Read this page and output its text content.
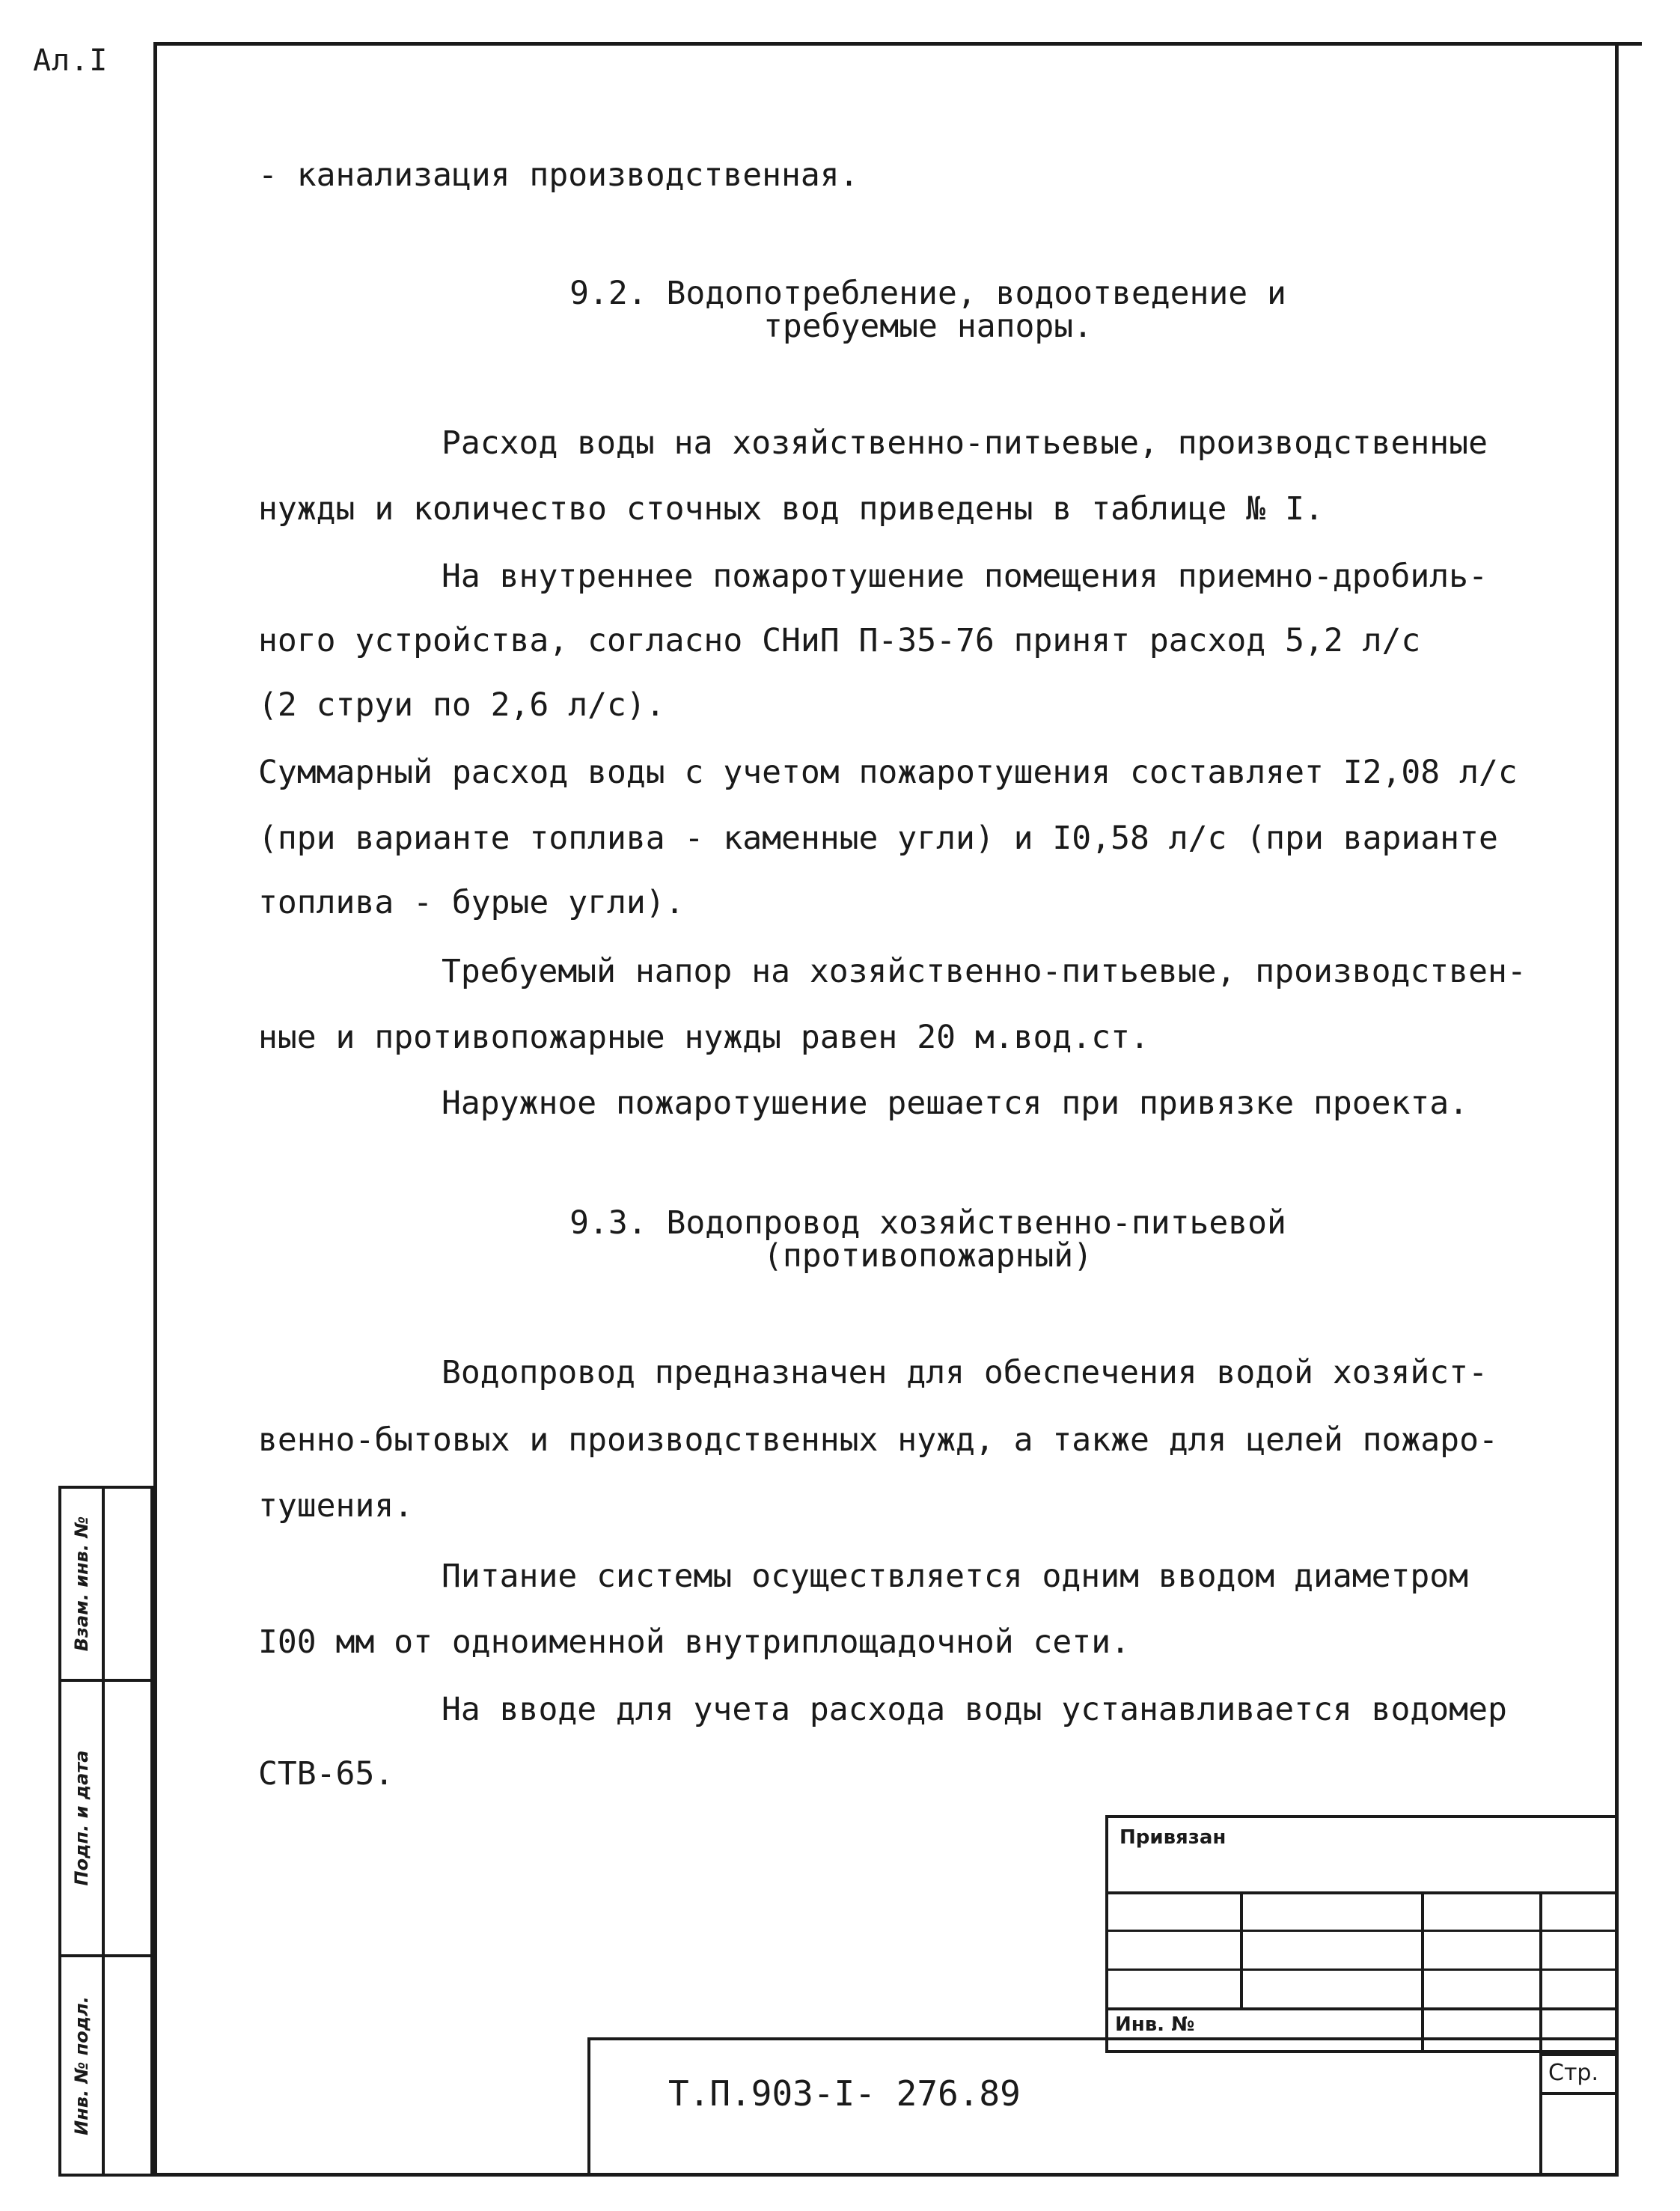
Ал.I
- канализация производственная.
9.2. Водопотребление, водоотведение и
требуемые напоры.
Расход воды на хозяйственно-питьевые, производственные
нужды и количество сточных вод приведены в таблице № I.
На внутреннее пожаротушение помещения приемно-дробиль-
ного устройства, согласно СНиП П-35-76 принят расход 5,2 л/с
(2 струи по 2,6 л/с).
Суммарный расход воды с учетом пожаротушения составляет I2,08 л/с
(при варианте топлива - каменные угли) и I0,58 л/с (при варианте
топлива - бурые угли).
Требуемый напор на хозяйственно-питьевые, производствен-
ные и противопожарные нужды равен 20 м.вод.ст.
Наружное пожаротушение решается при привязке проекта.
9.3. Водопровод хозяйственно-питьевой
(противопожарный)
Водопровод предназначен для обеспечения водой хозяйст-
венно-бытовых и производственных нужд, а также для целей пожаро-
тушения.
Питание системы осуществляется одним вводом диаметром
I00 мм от одноименной внутриплощадочной сети.
На вводе для учета расхода воды устанавливается водомер
СТВ-65.
Взам. инв. №
Подп. и дата
Инв. № подл.
Привязан
Инв. №
Стр.
Т.П.903-I- 276.89
